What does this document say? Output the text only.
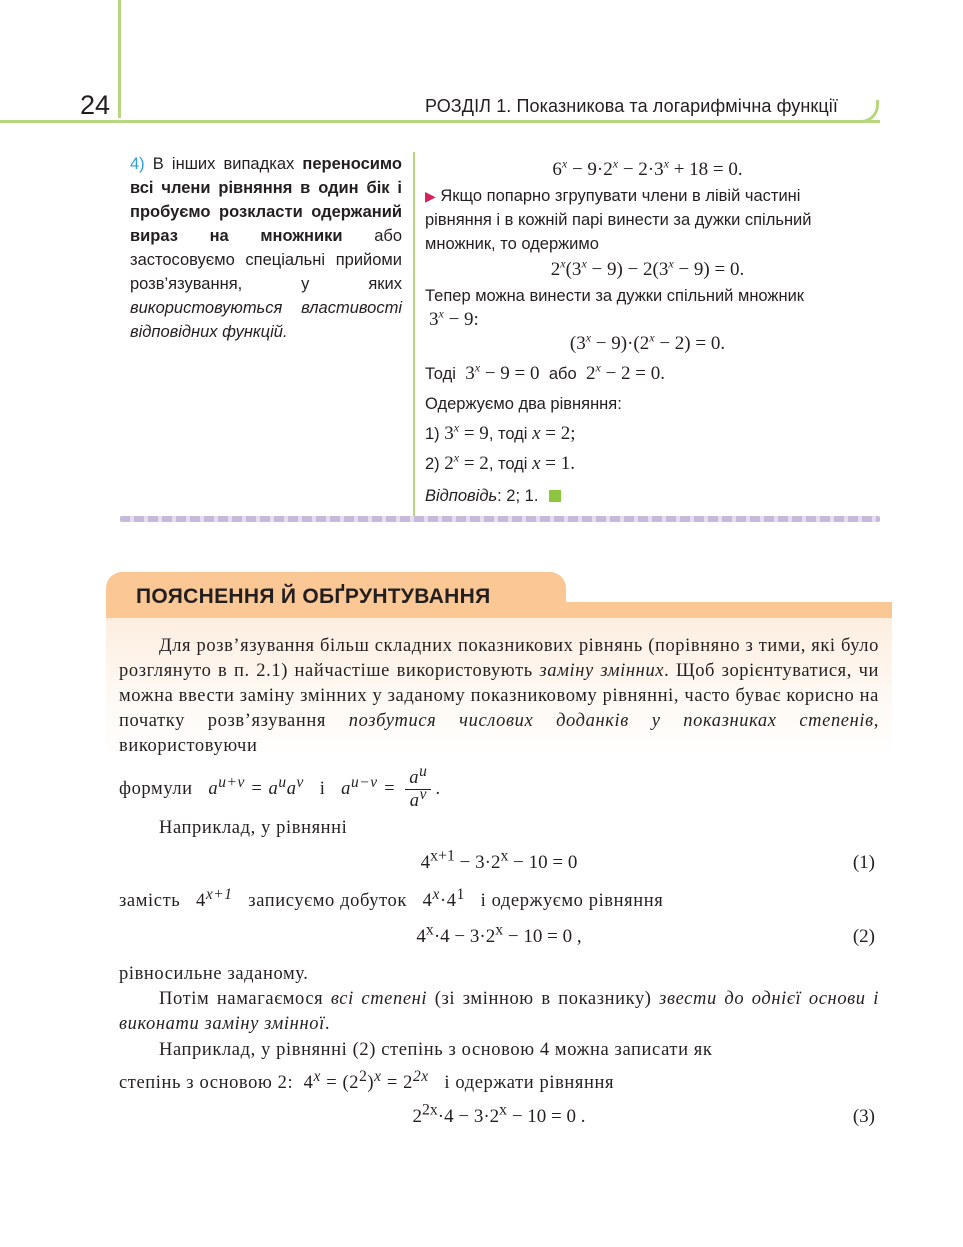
24	РОЗДІЛ 1. Показникова та логарифмічна функції
4) В інших випадках переносимо всі члени рівняння в один бік і пробуємо розкласти одержаний вираз на множники або застосовуємо спеціальні прийоми розв’язування, у яких використовуються властивості відповідних функцій.
$6^x - 9\cdot 2^x - 2\cdot 3^x + 18 = 0$.
▶ Якщо попарно згрупувати члени в лівій частині рівняння і в кожній парі винести за дужки спільний множник, то одержимо
$2^x(3^x - 9) - 2(3^x - 9) = 0$.
Тепер можна винести за дужки спільний множник
$3^x - 9$:
$(3^x - 9)\cdot(2^x - 2) = 0$.
Тоді  $3^x - 9 = 0$  або  $2^x - 2 = 0$.
Одержуємо два рівняння:
1) $3^x = 9$, тоді x = 2;
2) $2^x = 2$, тоді x = 1.
Відповідь: 2; 1.
ПОЯСНЕННЯ Й ОБҐРУНТУВАННЯ
Для розв’язування більш складних показникових рівнянь (порівняно з тими, які було розглянуто в п. 2.1) найчастіше використовують заміну змінних. Щоб зорієнтуватися, чи можна ввести заміну змінних у заданому показниковому рівнянні, часто буває корисно на початку розв’язування позбутися числових доданків у показниках степенів, використовуючи
формули $a^{u+v} = a^ua^v$ і $a^{u-v} = \frac{a^u}{a^v}$ .
Наприклад, у рівнянні
$4^{x+1} - 3\cdot 2^x - 10 = 0$	(1)
замість   $4^{x+1}$ записуємо добуток   $4^x\cdot 4^1$ і одержуємо рівняння
$4^x\cdot 4 - 3\cdot 2^x - 10 = 0$ ,	(2)
рівносильне заданому.
Потім намагаємося всі степені (зі змінною в показнику) звести до однієї основи і виконати заміну змінної.
Наприклад, у рівнянні (2) степінь з основою 4 можна записати як
степінь з основою 2:  $4^x = (2^2)^x = 2^{2x}$ і одержати рівняння
$2^{2x}\cdot 4 - 3\cdot 2^x - 10 = 0$ .	(3)
